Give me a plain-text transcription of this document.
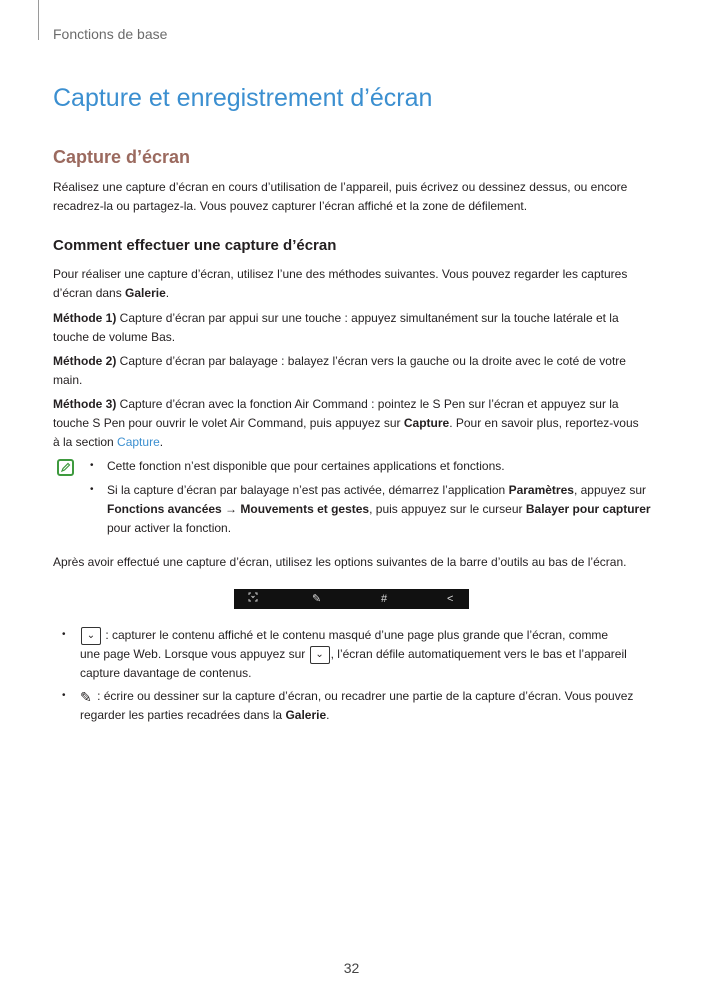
Fonctions de base
Capture et enregistrement d’écran
Capture d’écran

Réalisez une capture d’écran en cours d’utilisation de l’appareil, puis écrivez ou dessinez dessus, ou encore
recadrez-la ou partagez-la. Vous pouvez capturer l’écran affiché et la zone de défilement.

Comment effectuer une capture d’écran

Pour réaliser une capture d’écran, utilisez l’une des méthodes suivantes. Vous pouvez regarder les captures
d’écran dans Galerie.

Méthode 1) Capture d’écran par appui sur une touche : appuyez simultanément sur la touche latérale et la
touche de volume Bas.

Méthode 2) Capture d’écran par balayage : balayez l’écran vers la gauche ou la droite avec le coté de votre
main.

Méthode 3) Capture d’écran avec la fonction Air Command : pointez le S Pen sur l’écran et appuyez sur la
touche S Pen pour ouvrir le volet Air Command, puis appuyez sur Capture. Pour en savoir plus, reportez-vous
à la section Capture.

• Cette fonction n’est disponible que pour certaines applications et fonctions.

• Si la capture d’écran par balayage n’est pas activée, démarrez l’application Paramètres, appuyez sur
Fonctions avancées → Mouvements et gestes, puis appuyez sur le curseur Balayer pour capturer
pour activer la fonction.

Après avoir effectué une capture d’écran, utilisez les options suivantes de la barre d’outils au bas de l’écran.

✎	#	<
•	⌄ : capturer le contenu affiché et le contenu masqué d’une page plus grande que l’écran, comme
une page Web. Lorsque vous appuyez sur ⌄ , l’écran défile automatiquement vers le bas et l’appareil
capture davantage de contenus.

• ✎ : écrire ou dessiner sur la capture d’écran, ou recadrer une partie de la capture d’écran. Vous pouvez
regarder les parties recadrées dans la Galerie.

32
